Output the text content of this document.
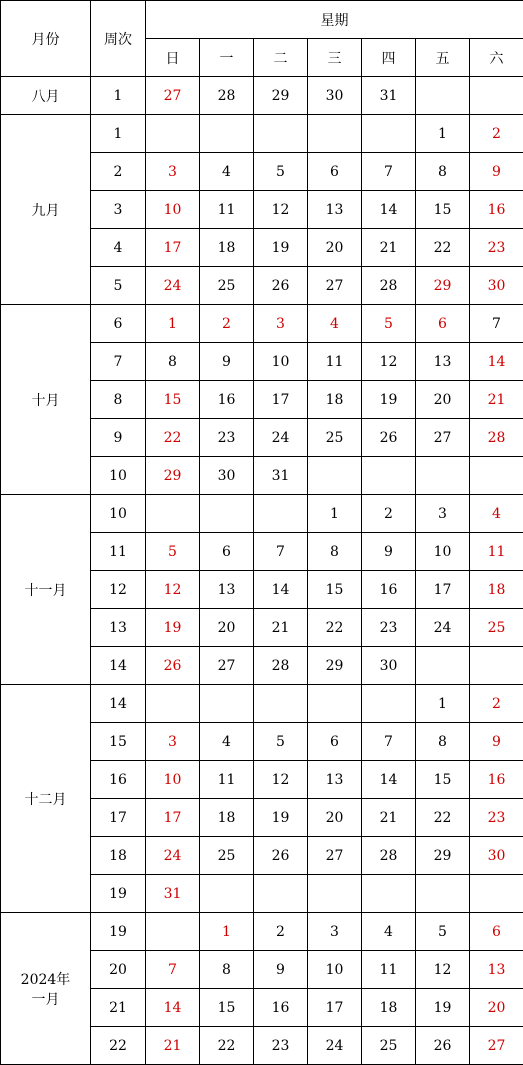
月份	周次	星期						
		日	一	二	三	四	五	六

八月	1	27	28	29	30	31		

九月	1						1	2
	2	3	4	5	6	7	8	9
	3	10	11	12	13	14	15	16
	4	17	18	19	20	21	22	23
	5	24	25	26	27	28	29	30

十月	6	1	2	3	4	5	6	7
	7	8	9	10	11	12	13	14
	8	15	16	17	18	19	20	21
	9	22	23	24	25	26	27	28
	10	29	30	31				

十一月	10				1	2	3	4
	11	5	6	7	8	9	10	11
	12	12	13	14	15	16	17	18
	13	19	20	21	22	23	24	25
	14	26	27	28	29	30		

十二月	14						1	2
	15	3	4	5	6	7	8	9
	16	10	11	12	13	14	15	16
	17	17	18	19	20	21	22	23
	18	24	25	26	27	28	29	30
	19	31						

2024年
一月	19		1	2	3	4	5	6
	20	7	8	9	10	11	12	13
	21	14	15	16	17	18	19	20
	22	21	22	23	24	25	26	27
